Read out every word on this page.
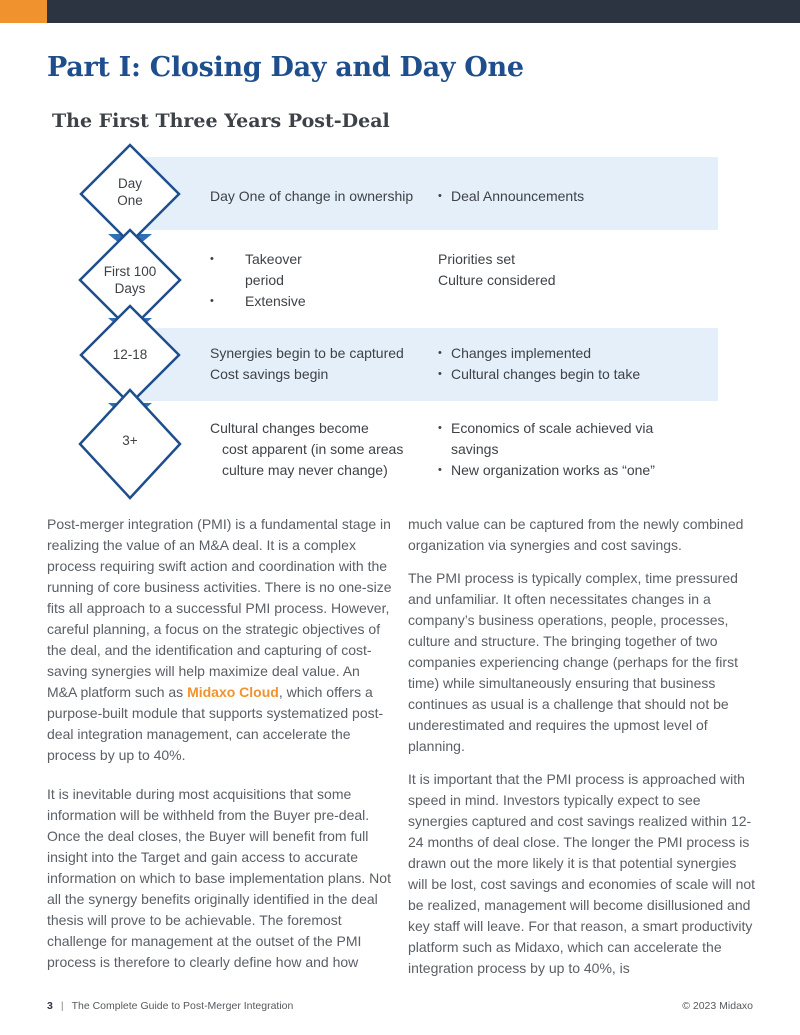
Part I: Closing Day and Day One
The First Three Years Post-Deal
Day
One	Day One of change in ownership
•	Deal Announcements
First 100
Days
• Takeover
period
• Extensive
Priorities set
Culture considered
12-18	Synergies begin to be captured
Cost savings begin
• Changes implemented
• Cultural changes begin to take
3+
Cultural changes become
cost apparent (in some areas
culture may never change)
• Economics of scale achieved via
savings
• New organization works as “one”

Post-merger integration (PMI) is a fundamental stage in realizing the value of an M&A deal. It is a complex process requiring swift action and coordination with the running of core business activities. There is no one-size fits all approach to a successful PMI process. However, careful planning, a focus on the strategic objectives of the deal, and the identification and capturing of cost-saving synergies will help maximize deal value. An M&A platform such as Midaxo Cloud, which offers a purpose-built module that supports systematized post-deal integration management, can accelerate the process by up to 40%.

It is inevitable during most acquisitions that some information will be withheld from the Buyer pre-deal. Once the deal closes, the Buyer will benefit from full insight into the Target and gain access to accurate information on which to base implementation plans. Not all the synergy benefits originally identified in the deal thesis will prove to be achievable. The foremost challenge for management at the outset of the PMI process is therefore to clearly define how and how

much value can be captured from the newly combined organization via synergies and cost savings.

The PMI process is typically complex, time pressured and unfamiliar. It often necessitates changes in a company’s business operations, people, processes, culture and structure. The bringing together of two companies experiencing change (perhaps for the first time) while simultaneously ensuring that business continues as usual is a challenge that should not be underestimated and requires the upmost level of planning.

It is important that the PMI process is approached with speed in mind. Investors typically expect to see synergies captured and cost savings realized within 12-24 months of deal close. The longer the PMI process is drawn out the more likely it is that potential synergies will be lost, cost savings and economies of scale will not be realized, management will become disillusioned and key staff will leave. For that reason, a smart productivity platform such as Midaxo, which can accelerate the integration process by up to 40%, is

3 | The Complete Guide to Post-Merger Integration	© 2023 Midaxo
